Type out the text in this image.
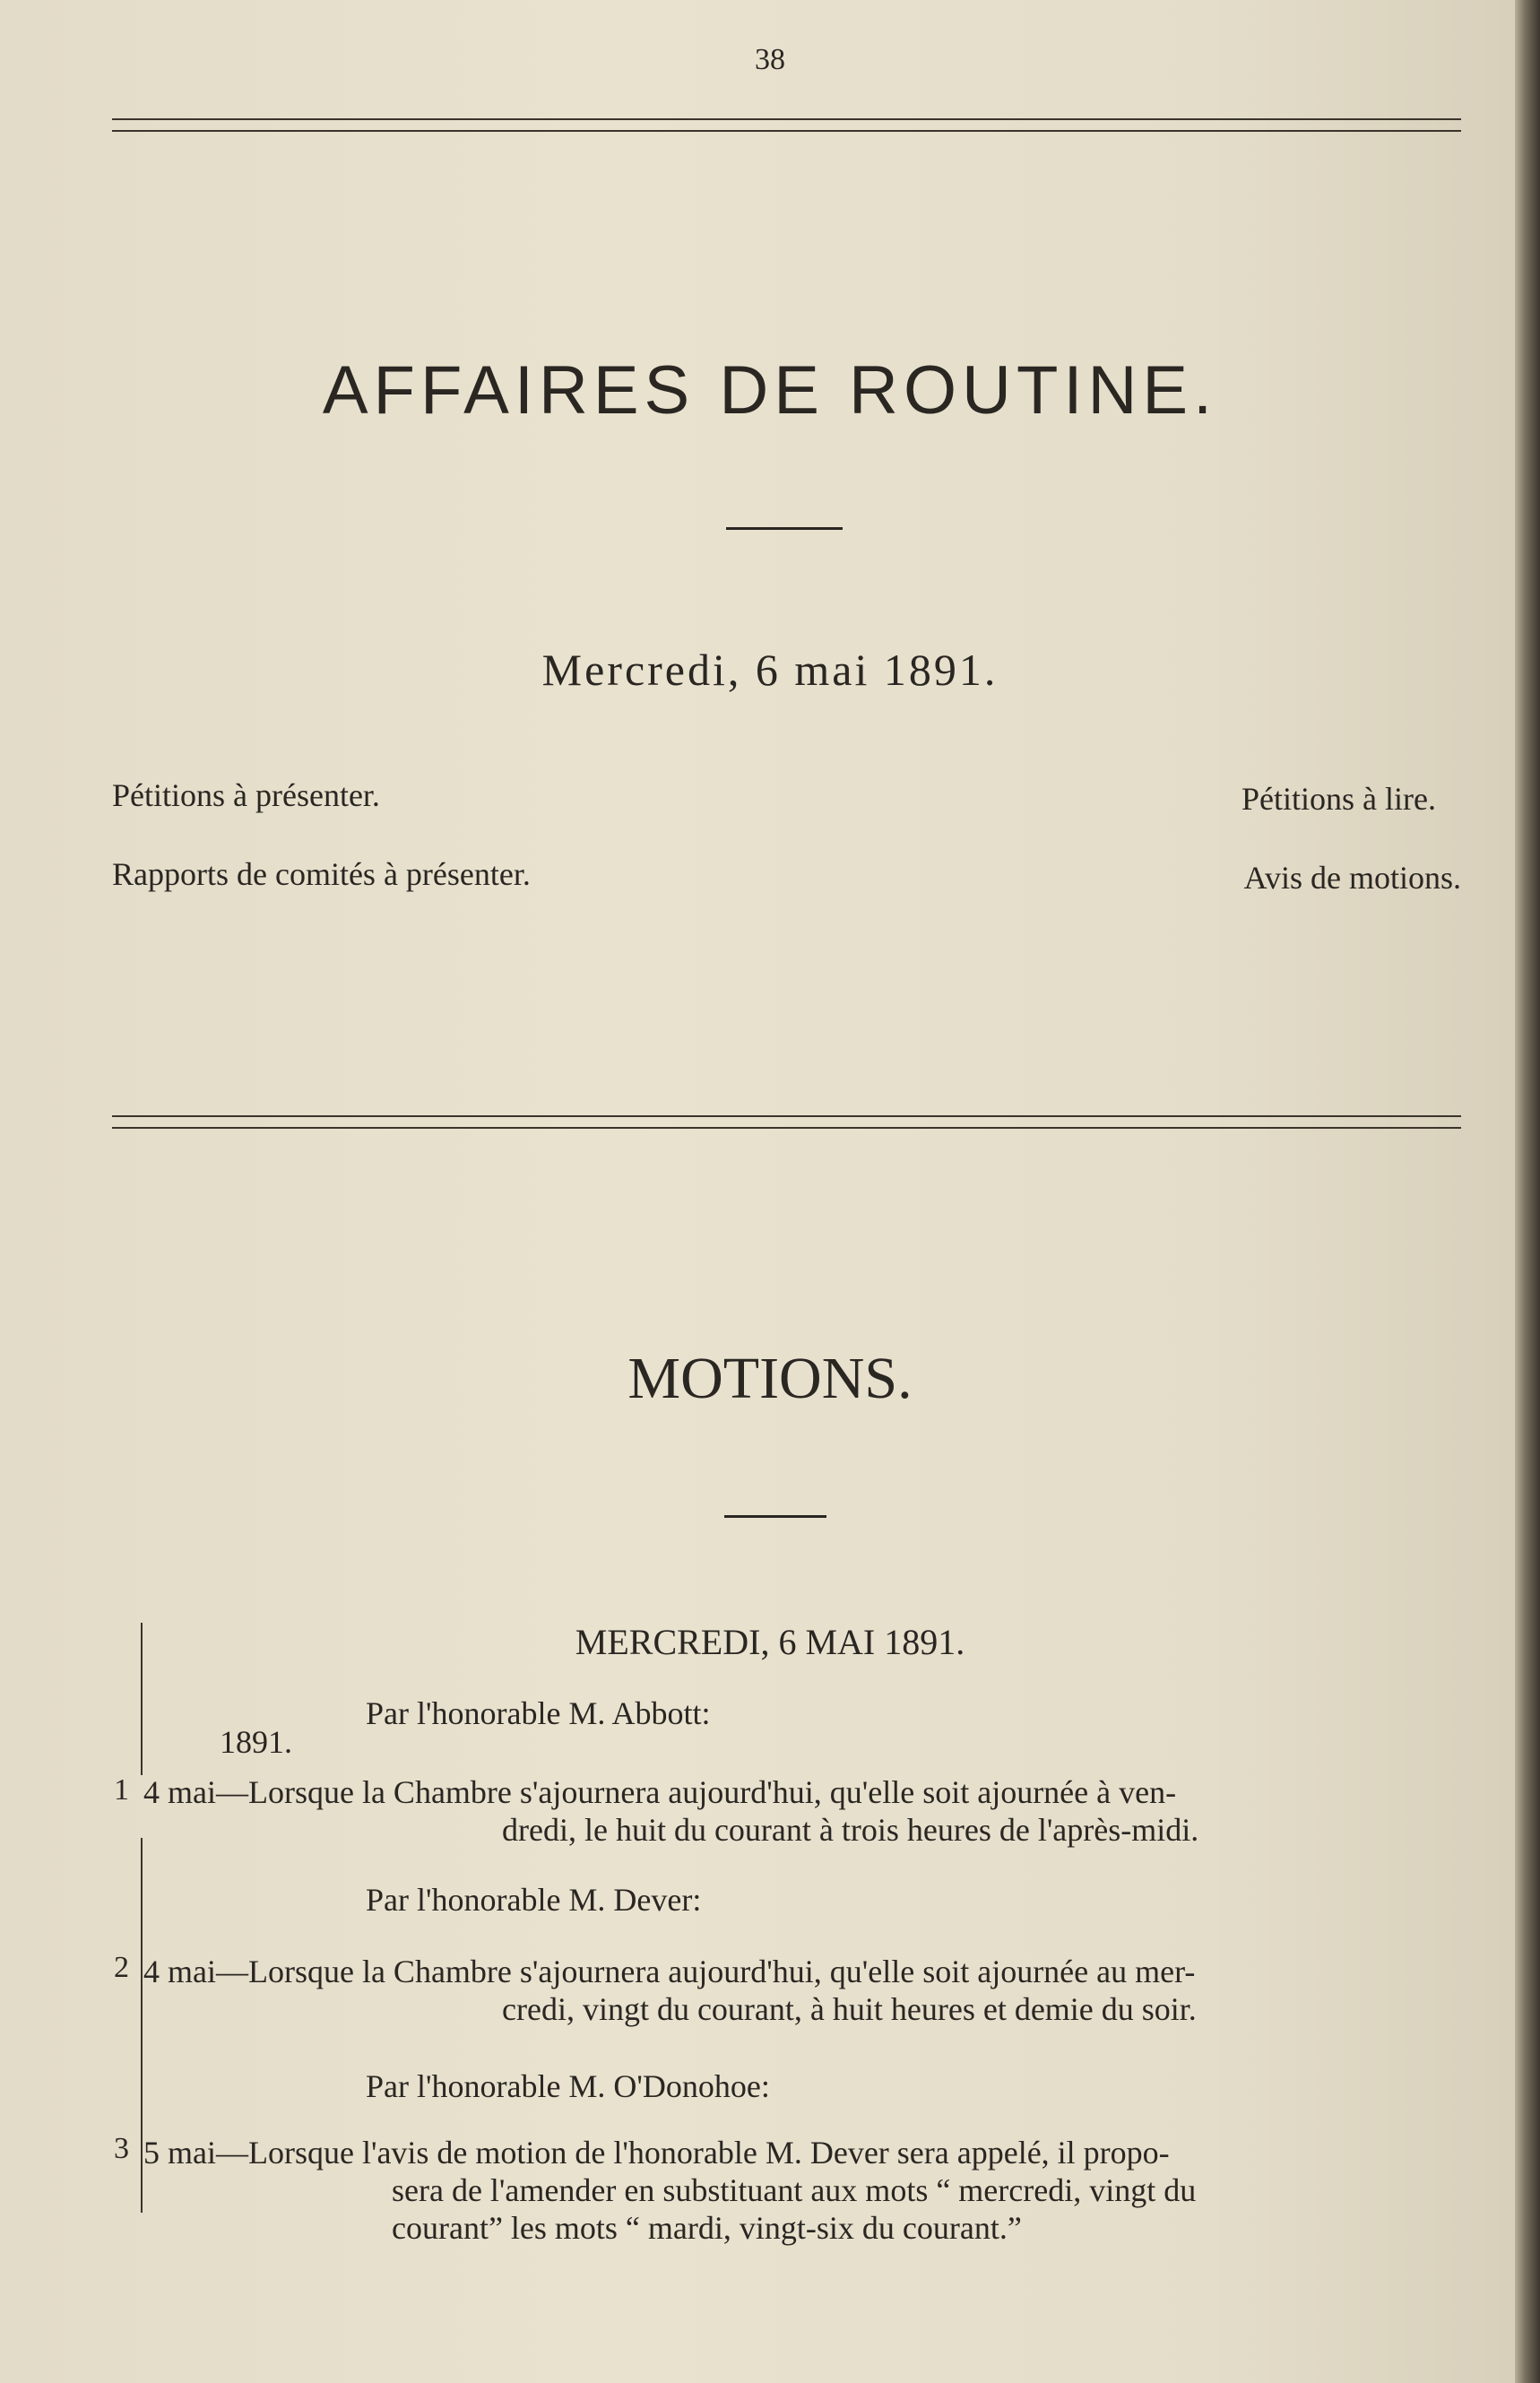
38
AFFAIRES DE ROUTINE.
Mercredi, 6 mai 1891.
Pétitions à présenter.	Pétitions à lire.
Rapports de comités à présenter.	Avis de motions.
MOTIONS.
MERCREDI, 6 MAI 1891.
Par l'honorable M. Abbott:
1891.
1 4 mai—Lorsque la Chambre s'ajournera aujourd'hui, qu'elle soit ajournée à ven-
dredi, le huit du courant à trois heures de l'après-midi.
Par l'honorable M. Dever:
2 4 mai—Lorsque la Chambre s'ajournera aujourd'hui, qu'elle soit ajournée au mer-
credi, vingt du courant, à huit heures et demie du soir.
Par l'honorable M. O'Donohoe:
3 5 mai—Lorsque l'avis de motion de l'honorable M. Dever sera appelé, il propo-
sera de l'amender en substituant aux mots “ mercredi, vingt du
courant” les mots “ mardi, vingt-six du courant.”
